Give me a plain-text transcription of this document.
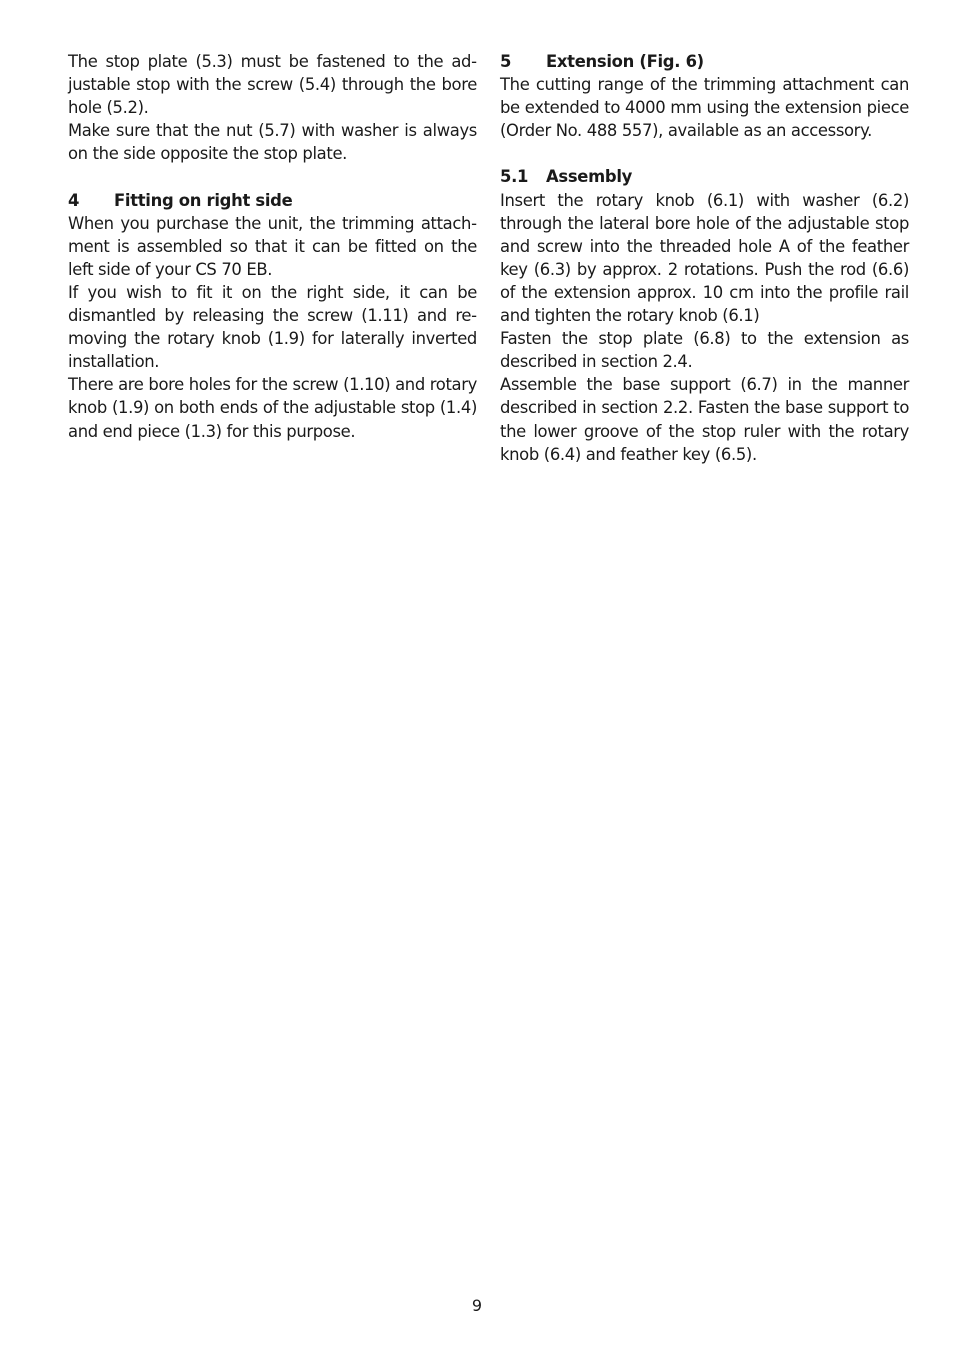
The stop plate (5.3) must be fastened to the adjustable stop with the screw (5.4) through the bore hole (5.2).

Make sure that the nut (5.7) with washer is always on the side opposite the stop plate.

4	Fitting on right side

When you purchase the unit, the trimming attachment is assembled so that it can be fitted on the left side of your CS 70 EB.

If you wish to fit it on the right side, it can be dismantled by releasing the screw (1.11) and removing the rotary knob (1.9) for laterally inverted installation.

There are bore holes for the screw (1.10) and rotary knob (1.9) on both ends of the adjustable stop (1.4) and end piece (1.3) for this purpose.

5	Extension (Fig. 6)

The cutting range of the trimming attachment can be extended to 4000 mm using the extension piece (Order No. 488 557), available as an accessory.

5.1	Assembly

Insert the rotary knob (6.1) with washer (6.2) through the lateral bore hole of the adjustable stop and screw into the threaded hole A of the feather key (6.3) by approx. 2 rotations. Push the rod (6.6) of the extension approx. 10 cm into the profile rail and tighten the rotary knob (6.1)

Fasten the stop plate (6.8) to the extension as described in section 2.4.

Assemble the base support (6.7) in the manner described in section 2.2. Fasten the base support to the lower groove of the stop ruler with the rotary knob (6.4) and feather key (6.5).

9
